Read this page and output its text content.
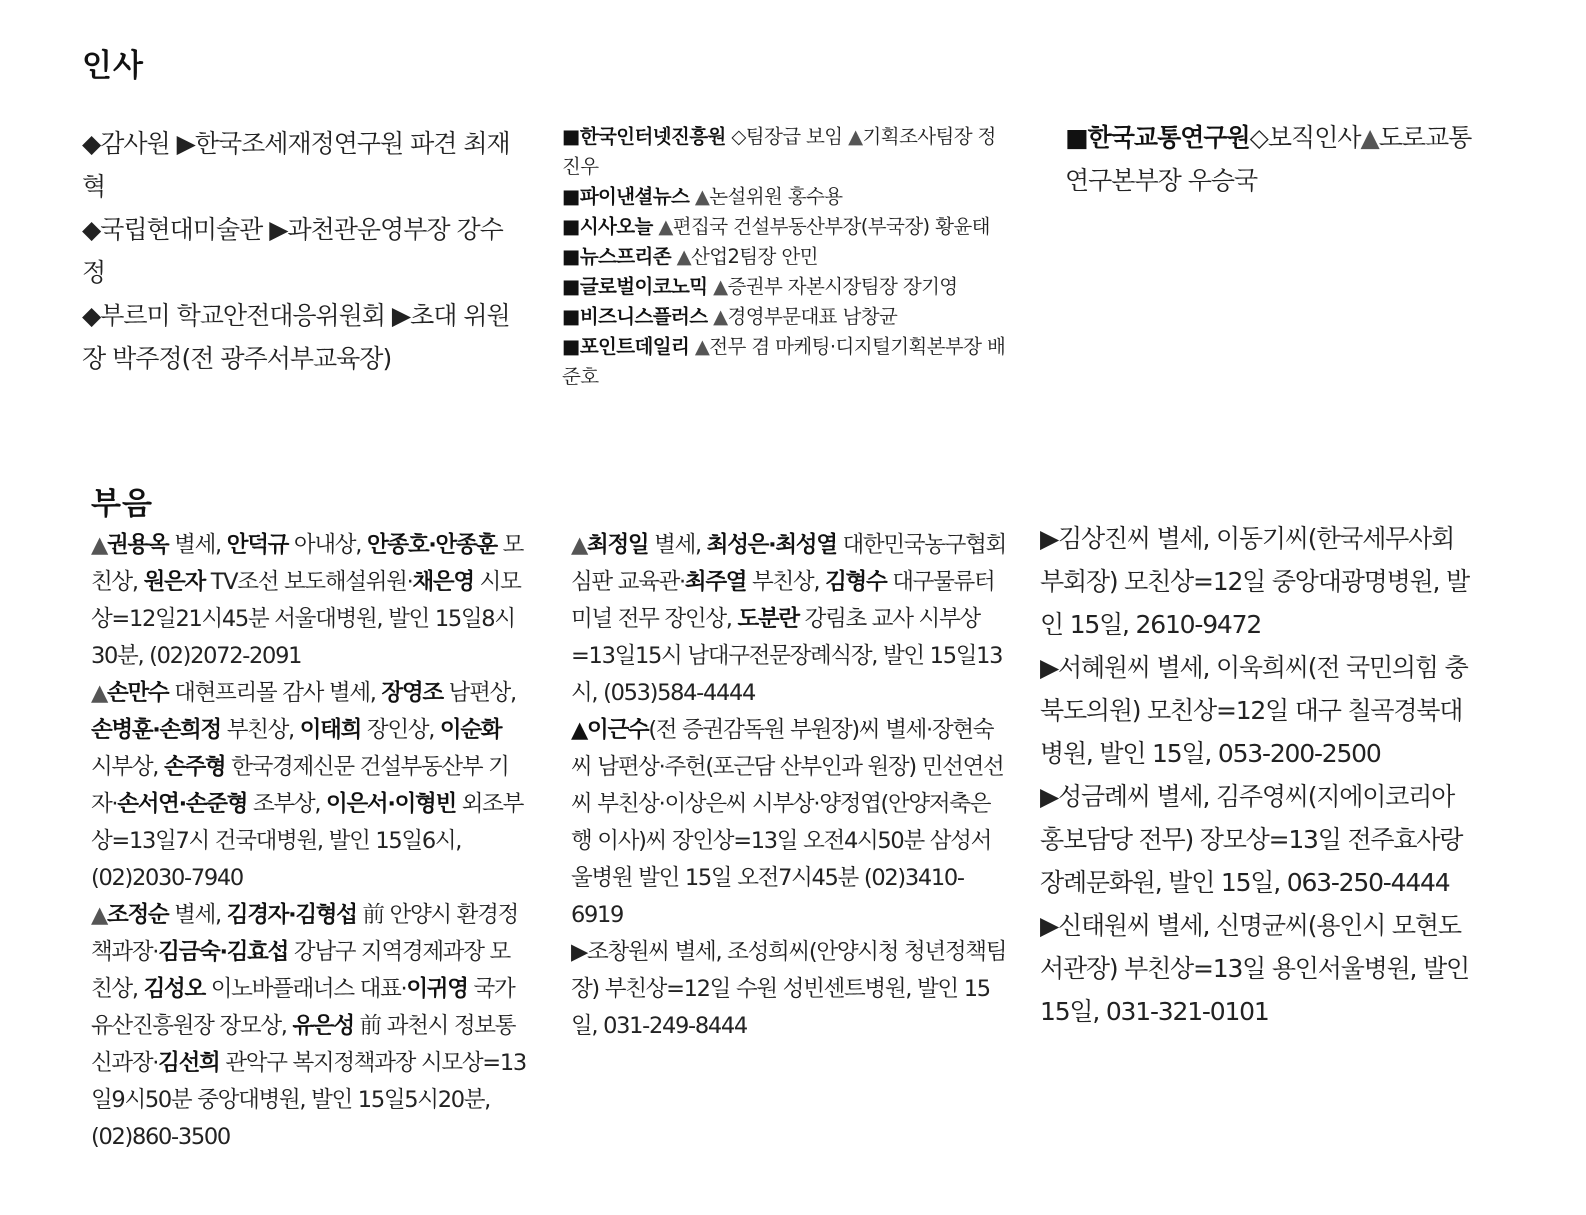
인사

◆감사원 ▶한국조세재정연구원 파견 최재혁

◆국립현대미술관 ▶과천관운영부장 강수정

◆부르미 학교안전대응위원회 ▶초대 위원장 박주정(전 광주서부교육장)

■한국인터넷진흥원 ◇팀장급 보임 ▲기획조사팀장 정진우

■파이낸셜뉴스 ▲논설위원 홍수용

■시사오늘 ▲편집국 건설부동산부장(부국장) 황윤태

■뉴스프리존 ▲산업2팀장 안민

■글로벌이코노믹 ▲증권부 자본시장팀장 장기영

■비즈니스플러스 ▲경영부문대표 남창균

■포인트데일리 ▲전무 겸 마케팅·디지털기획본부장 배준호

■한국교통연구원◇보직인사▲도로교통연구본부장 우승국

부음

▲권용옥 별세, 안덕규 아내상, 안종호·안종훈 모친상, 원은자 TV조선 보도해설위원·채은영 시모상=12일21시45분 서울대병원, 발인 15일8시30분, (02)2072-2091

▲손만수 대현프리몰 감사 별세, 장영조 남편상, 손병훈·손희정 부친상, 이태희 장인상, 이순화 시부상, 손주형 한국경제신문 건설부동산부 기자·손서연·손준형 조부상, 이은서·이형빈 외조부상=13일7시 건국대병원, 발인 15일6시, (02)2030-7940

▲조정순 별세, 김경자·김형섭 前 안양시 환경정책과장·김금숙·김효섭 강남구 지역경제과장 모친상, 김성오 이노바플래너스 대표·이귀영 국가유산진흥원장 장모상, 유은성 前 과천시 정보통신과장·김선희 관악구 복지정책과장 시모상=13일9시50분 중앙대병원, 발인 15일5시20분, (02)860-3500

▲최정일 별세, 최성은·최성열 대한민국농구협회 심판 교육관·최주열 부친상, 김형수 대구물류터미널 전무 장인상, 도분란 강림초 교사 시부상=13일15시 남대구전문장례식장, 발인 15일13시, (053)584-4444

▲이근수(전 증권감독원 부원장)씨 별세·장현숙씨 남편상·주헌(포근담 산부인과 원장) 민선연선씨 부친상·이상은씨 시부상·양정엽(안양저축은행 이사)씨 장인상=13일 오전4시50분 삼성서울병원 발인 15일 오전7시45분 (02)3410-6919

▶조창원씨 별세, 조성희씨(안양시청 청년정책팀장) 부친상=12일 수원 성빈센트병원, 발인 15일, 031-249-8444

▶김상진씨 별세, 이동기씨(한국세무사회 부회장) 모친상=12일 중앙대광명병원, 발인 15일, 2610-9472

▶서혜원씨 별세, 이욱희씨(전 국민의힘 충북도의원) 모친상=12일 대구 칠곡경북대병원, 발인 15일, 053-200-2500

▶성금례씨 별세, 김주영씨(지에이코리아 홍보담당 전무) 장모상=13일 전주효사랑장례문화원, 발인 15일, 063-250-4444

▶신태원씨 별세, 신명균씨(용인시 모현도서관장) 부친상=13일 용인서울병원, 발인 15일, 031-321-0101
